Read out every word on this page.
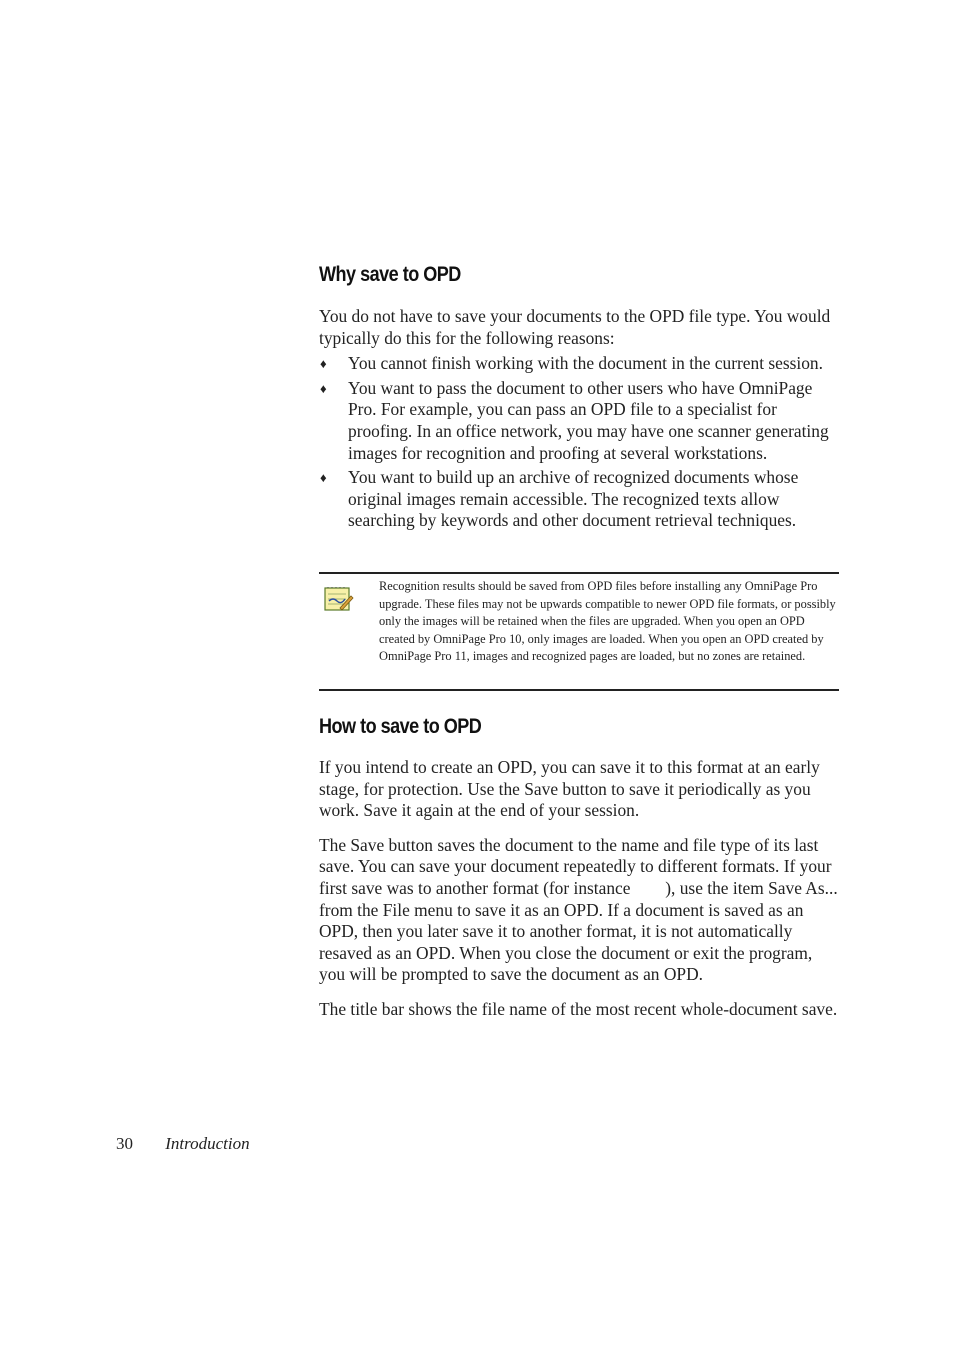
Why save to OPD

You do not have to save your documents to the OPD file type. You would typically do this for the following reasons:

♦ You cannot finish working with the document in the current session.
♦ You want to pass the document to other users who have OmniPage Pro. For example, you can pass an OPD file to a specialist for proofing. In an office network, you may have one scanner generating images for recognition and proofing at several workstations.
♦ You want to build up an archive of recognized documents whose original images remain accessible. The recognized texts allow searching by keywords and other document retrieval techniques.
Recognition results should be saved from OPD files before installing any OmniPage Pro upgrade. These files may not be upwards compatible to newer OPD file formats, or possibly only the images will be retained when the files are upgraded. When you open an OPD created by OmniPage Pro 10, only images are loaded. When you open an OPD created by OmniPage Pro 11, images and recognized pages are loaded, but no zones are retained.
How to save to OPD

If you intend to create an OPD, you can save it to this format at an early stage, for protection. Use the Save button to save it periodically as you work. Save it again at the end of your session.

The Save button saves the document to the name and file type of its last save. You can save your document repeatedly to different formats. If your first save was to another format (for instance        ), use the item Save As... from the File menu to save it as an OPD. If a document is saved as an OPD, then you later save it to another format, it is not automatically resaved as an OPD. When you close the document or exit the program, you will be prompted to save the document as an OPD.

The title bar shows the file name of the most recent whole-document save.

30 Introduction
